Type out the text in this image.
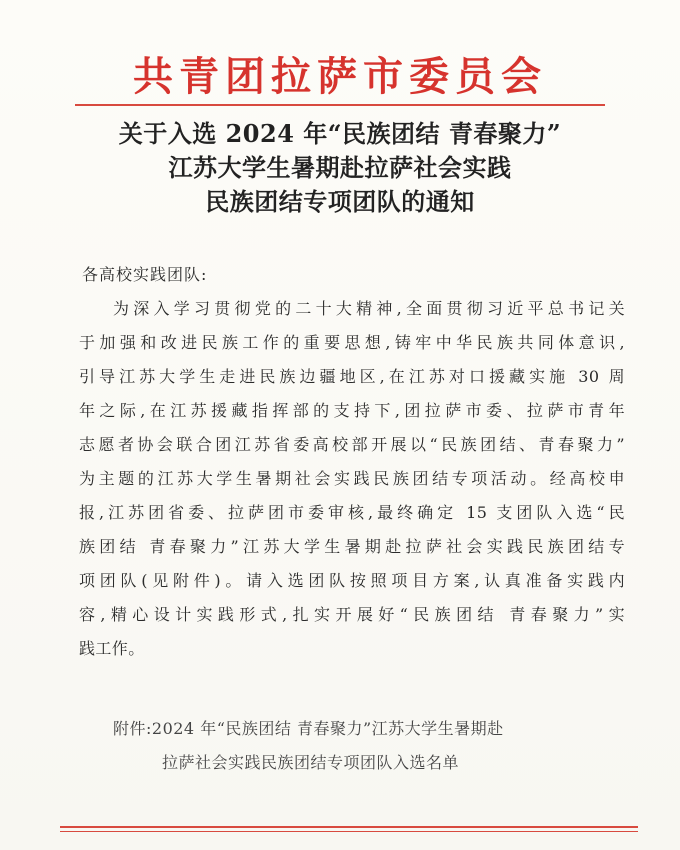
共青团拉萨市委员会
关于入选 2024 年“民族团结 青春聚力”
江苏大学生暑期赴拉萨社会实践
民族团结专项团队的通知
各高校实践团队:
为深入学习贯彻党的二十大精神,全面贯彻习近平总书记关
于加强和改进民族工作的重要思想,铸牢中华民族共同体意识,
引导江苏大学生走进民族边疆地区,在江苏对口援藏实施 30 周
年之际,在江苏援藏指挥部的支持下,团拉萨市委、拉萨市青年
志愿者协会联合团江苏省委高校部开展以“民族团结、青春聚力”
为主题的江苏大学生暑期社会实践民族团结专项活动。经高校申
报,江苏团省委、拉萨团市委审核,最终确定 15 支团队入选“民
族团结 青春聚力”江苏大学生暑期赴拉萨社会实践民族团结专
项团队(见附件)。请入选团队按照项目方案,认真准备实践内
容,精心设计实践形式,扎实开展好“民族团结 青春聚力”实
践工作。
附件:2024 年“民族团结 青春聚力”江苏大学生暑期赴
拉萨社会实践民族团结专项团队入选名单
